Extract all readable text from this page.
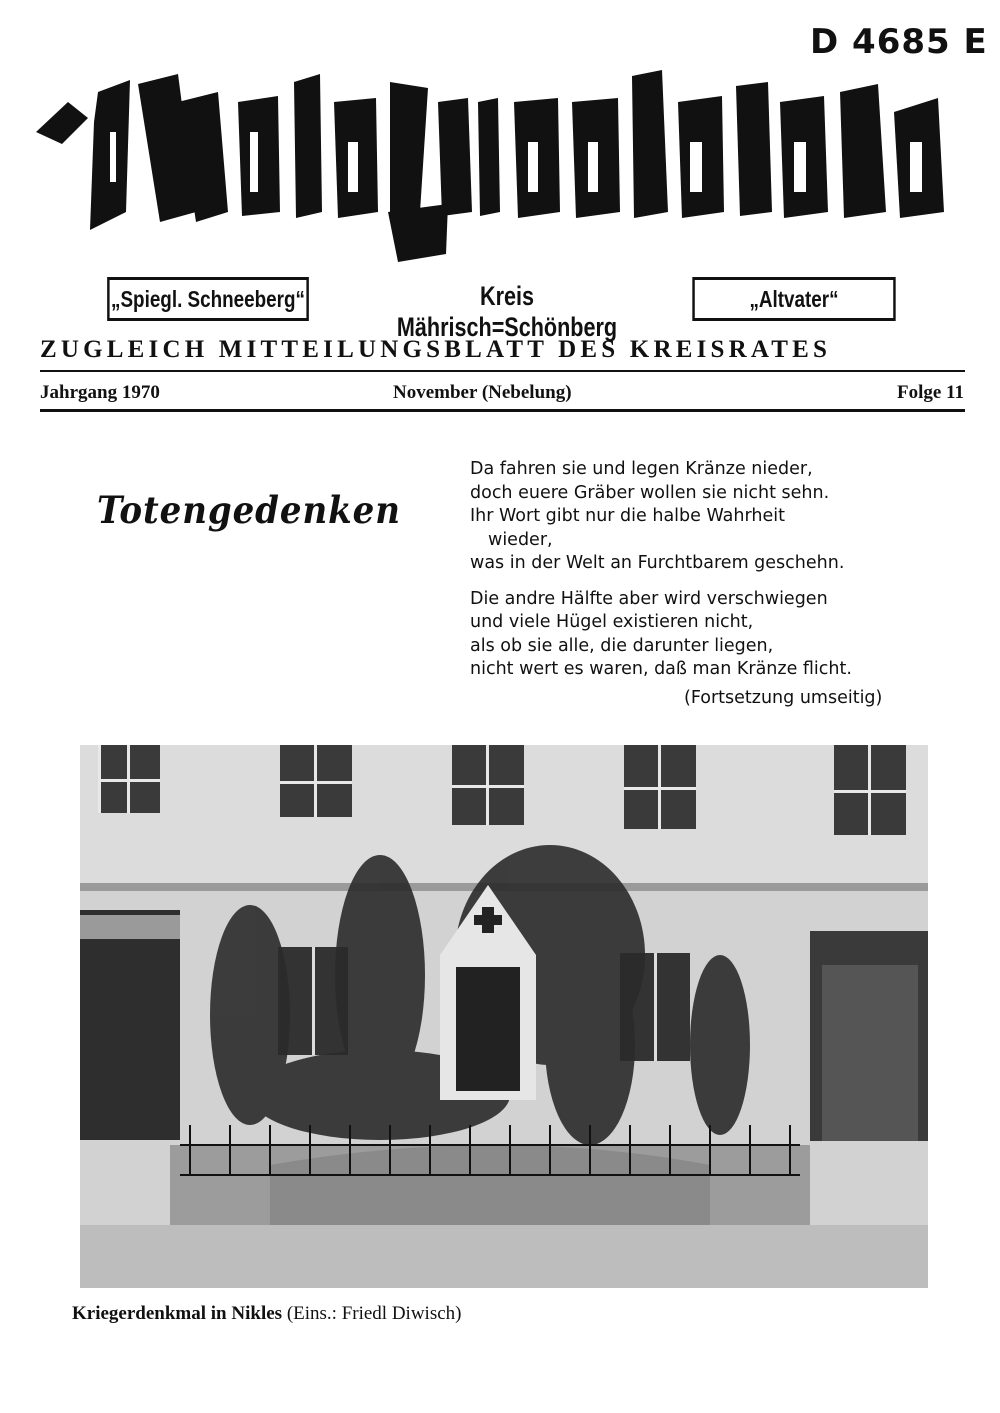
D 4685 E
„Spiegl. Schneeberg“	Kreis Mährisch=Schönberg
„Altvater“
ZUGLEICH MITTEILUNGSBLATT DES KREISRATES
Jahrgang 1970	November (Nebelung)	Folge 11
Totengedenken
Da fahren sie und legen Kränze nieder,
doch euere Gräber wollen sie nicht sehn.
Ihr Wort gibt nur die halbe Wahrheit
wieder,
was in der Welt an Furchtbarem geschehn.
Die andre Hälfte aber wird verschwiegen
und viele Hügel existieren nicht,
als ob sie alle, die darunter liegen,
nicht wert es waren, daß man Kränze flicht.
(Fortsetzung umseitig)
Kriegerdenkmal in Nikles (Eins.: Friedl Diwisch)
